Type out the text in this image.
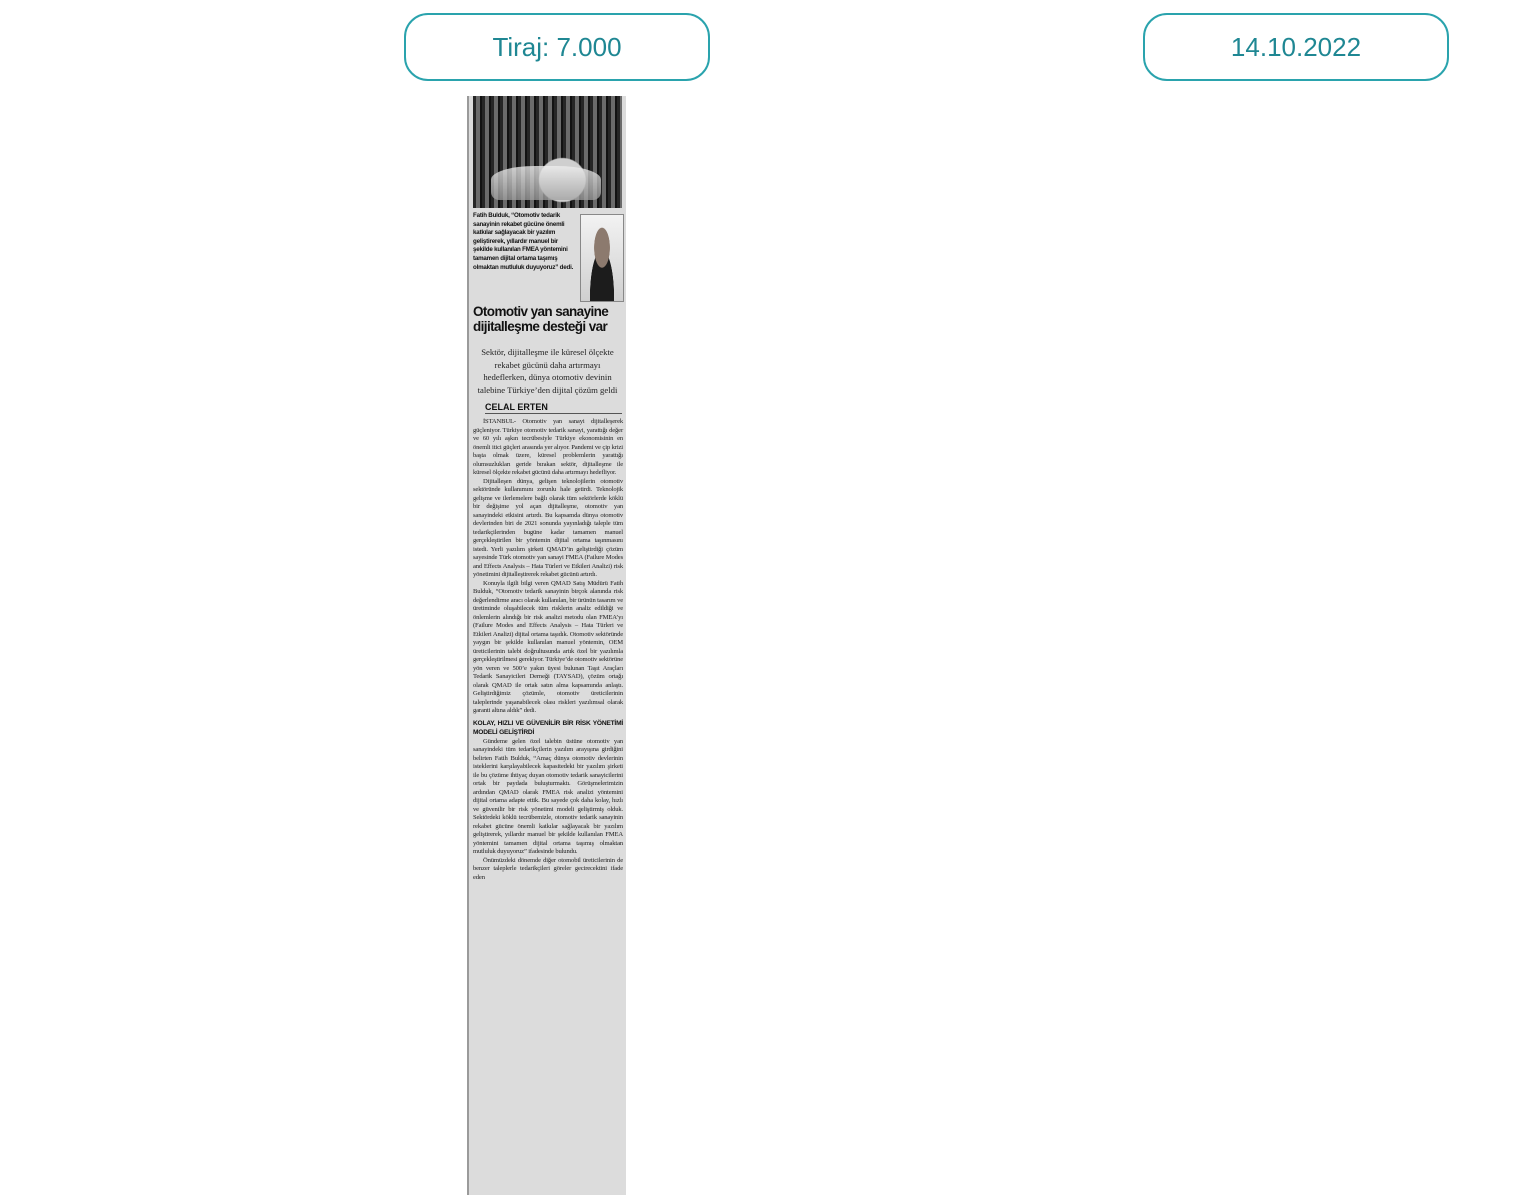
Tiraj: 7.000	14.10.2022
Fatih Bulduk, “Otomotiv tedarik sanayinin rekabet gücüne önemli katkılar sağlayacak bir yazılım geliştirerek, yıllardır manuel bir şekilde kullanılan FMEA yöntemini tamamen dijital ortama taşımış olmaktan mutluluk duyuyoruz” dedi.
Otomotiv yan sanayine dijitalleşme desteği var
Sektör, dijitalleşme ile küresel ölçekte rekabet gücünü daha artırmayı hedeflerken, dünya otomotiv devinin talebine Türkiye’den dijital çözüm geldi
CELAL ERTEN

İSTANBUL- Otomotiv yan sanayi dijitalleşerek güçleniyor. Türkiye otomotiv tedarik sanayi, yarattığı değer ve 60 yılı aşkın tecrübesiyle Türkiye ekonomisinin en önemli itici güçleri arasında yer alıyor. Pandemi ve çip krizi başta olmak üzere, küresel problemlerin yarattığı olumsuzlukları geride bırakan sektör, dijitalleşme ile küresel ölçekte rekabet gücünü daha artırmayı hedefliyor.

Dijitalleşen dünya, gelişen teknolojilerin otomotiv sektöründe kullanımını zorunlu hale getirdi. Teknolojik gelişme ve ilerlemelere bağlı olarak tüm sektörlerde köklü bir değişime yol açan dijitalleşme, otomotiv yan sanayindeki etkisini artırdı. Bu kapsamda dünya otomotiv devlerinden biri de 2021 sonunda yayınladığı taleple tüm tedarikçilerinden bugüne kadar tamamen manuel gerçekleştirilen bir yöntemin dijital ortama taşınmasını istedi. Yerli yazılım şirketi QMAD’in geliştirdiği çözüm sayesinde Türk otomotiv yan sanayi FMEA (Failure Modes and Effects Analysis – Hata Türleri ve Etkileri Analizi) risk yönetimini dijitalleştirerek rekabet gücünü artırdı.

Konuyla ilgili bilgi veren QMAD Satış Müdürü Fatih Bulduk, “Otomotiv tedarik sanayinin birçok alanında risk değerlendirme aracı olarak kullanılan, bir ürünün tasarım ve üretiminde oluşabilecek tüm risklerin analiz edildiği ve önlemlerin alındığı bir risk analizi metodu olan FMEA’yı (Failure Modes and Effects Analysis – Hata Türleri ve Etkileri Analizi) dijital ortama taşıdık. Otomotiv sektöründe yaygın bir şekilde kullanılan manuel yöntemin, OEM üreticilerinin talebi doğrultusunda artık özel bir yazılımla gerçekleştirilmesi gerekiyor. Türkiye’de otomotiv sektörüne yön veren ve 500’e yakın üyesi bulunan Taşıt Araçları Tedarik Sanayicileri Derneği (TAYSAD), çözüm ortağı olarak QMAD ile ortak satın alma kapsamında anlaştı. Geliştirdiğimiz çözümle, otomotiv üreticilerinin taleplerinde yaşanabilecek olası riskleri yazılımsal olarak garanti altına aldık” dedi.

KOLAY, HIZLI VE GÜVENİLİR BİR RİSK YÖNETİMİ MODELİ GELİŞTİRDİ

Gündeme gelen özel talebin üstüne otomotiv yan sanayindeki tüm tedarikçilerin yazılım arayışına girdiğini belirten Fatih Bulduk, “Amaç dünya otomotiv devlerinin isteklerini karşılayabilecek kapasitedeki bir yazılım şirketi ile bu çözüme ihtiyaç duyan otomotiv tedarik sanayicilerini ortak bir paydada buluşturmaktı. Görüşmelerimizin ardından QMAD olarak FMEA risk analizi yöntemini dijital ortama adapte ettik. Bu sayede çok daha kolay, hızlı ve güvenilir bir risk yönetimi modeli geliştirmiş olduk. Sektördeki köklü tecrübemizle, otomotiv tedarik sanayinin rekabet gücüne önemli katkılar sağlayacak bir yazılım geliştirerek, yıllardır manuel bir şekilde kullanılan FMEA yöntemini tamamen dijital ortama taşımış olmaktan mutluluk duyuyoruz” ifadesinde bulundu.

Önümüzdeki dönemde diğer otomobil üreticilerinin de benzer taleplerle tedarikçileri göreler gecirecektini ifade eden
